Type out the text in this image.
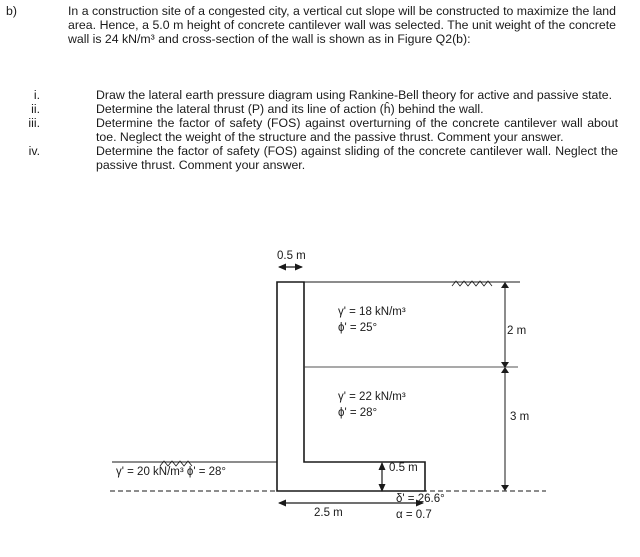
b)	In a construction site of a congested city, a vertical cut slope will be constructed to maximize the land area. Hence, a 5.0 m height of concrete cantilever wall was selected. The unit weight of the concrete wall is 24 kN/m³ and cross-section of the wall is shown as in Figure Q2(b):
i.	Draw the lateral earth pressure diagram using Rankine-Bell theory for active and passive state.
ii.	Determine the lateral thrust (P) and its line of action (ĥ) behind the wall.
iii.	Determine the factor of safety (FOS) against overturning of the concrete cantilever wall about toe. Neglect the weight of the structure and the passive thrust. Comment your answer.
iv.	Determine the factor of safety (FOS) against sliding of the concrete cantilever wall. Neglect the passive thrust. Comment your answer.
0.5 m
γ' = 18 kN/m³
ϕ' = 25°	2 m
γ' = 22 kN/m³
ϕ' = 28°	3 m
0.5 m
δ' = 26.6°
α = 0.7
2.5 m
γ' = 20 kN/m³ ϕ' = 28°
